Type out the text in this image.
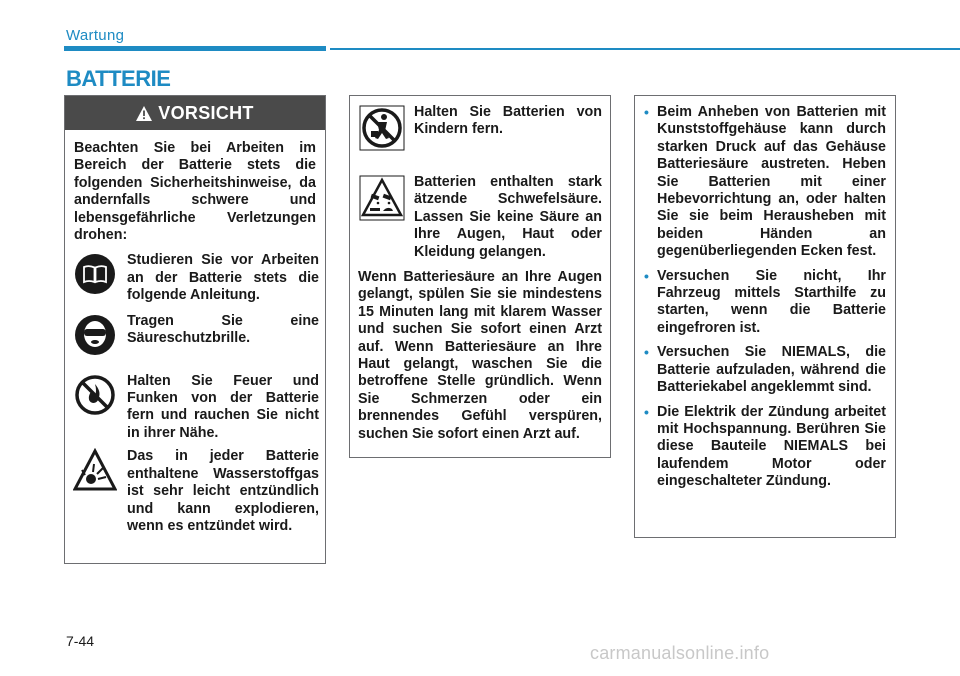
Wartung
BATTERIE
VORSICHT

Beachten Sie bei Arbeiten im Bereich der Batterie stets die folgenden Sicherheitshinweise, da andernfalls schwere und lebensgefährliche Verletzungen drohen:

Studieren Sie vor Arbeiten an der Batterie stets die folgende Anleitung.

Tragen Sie eine Säureschutzbrille.

Halten Sie Feuer und Funken von der Batterie fern und rauchen Sie nicht in ihrer Nähe.

Das in jeder Batterie enthaltene Wasserstoffgas ist sehr leicht entzündlich und kann explodieren, wenn es entzündet wird.

Halten Sie Batterien von Kindern fern.

Batterien enthalten stark ätzende Schwefelsäure. Lassen Sie keine Säure an Ihre Augen, Haut oder Kleidung gelangen.

Wenn Batteriesäure an Ihre Augen gelangt, spülen Sie sie mindestens 15 Minuten lang mit klarem Wasser und suchen Sie sofort einen Arzt auf. Wenn Batteriesäure an Ihre Haut gelangt, waschen Sie die betroffene Stelle gründlich. Wenn Sie Schmerzen oder ein brennendes Gefühl verspüren, suchen Sie sofort einen Arzt auf.

• Beim Anheben von Batterien mit Kunststoffgehäuse kann durch starken Druck auf das Gehäuse Batteriesäure austreten. Heben Sie Batterien mit einer Hebevorrichtung an, oder halten Sie sie beim Herausheben mit beiden Händen an gegenüberliegenden Ecken fest.

• Versuchen Sie nicht, Ihr Fahrzeug mittels Starthilfe zu starten, wenn die Batterie eingefroren ist.

• Versuchen Sie NIEMALS, die Batterie aufzuladen, während die Batteriekabel angeklemmt sind.

• Die Elektrik der Zündung arbeitet mit Hochspannung. Berühren Sie diese Bauteile NIEMALS bei laufendem Motor oder eingeschalteter Zündung.

7-44
carmanualsonline.info
